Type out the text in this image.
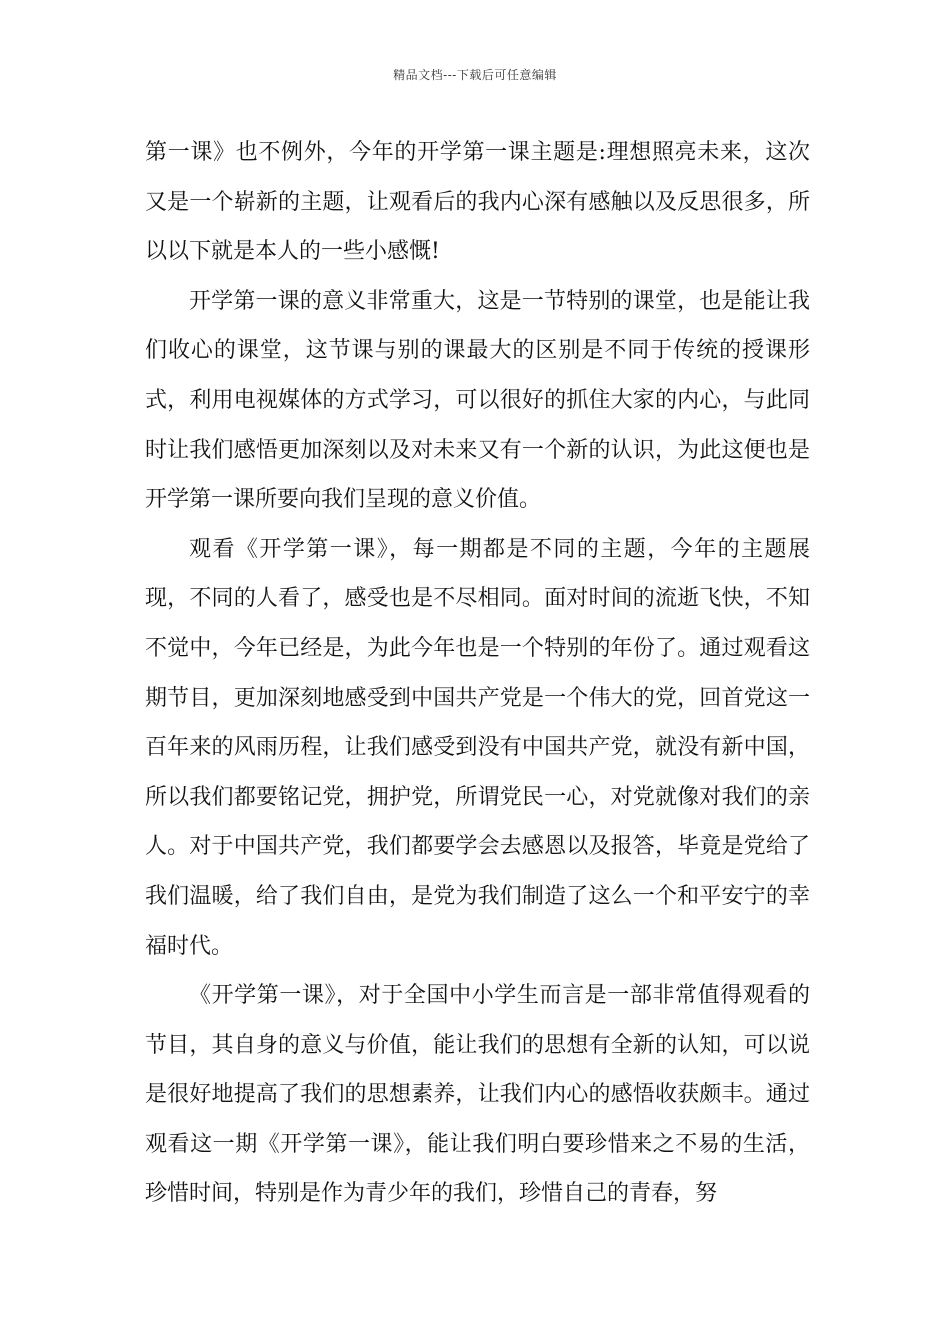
精品文档---下载后可任意编辑

第一课》也不例外，今年的开学第一课主题是:理想照亮未来，这次又是一个崭新的主题，让观看后的我内心深有感触以及反思很多，所以以下就是本人的一些小感慨!

开学第一课的意义非常重大，这是一节特别的课堂，也是能让我们收心的课堂，这节课与别的课最大的区别是不同于传统的授课形式，利用电视媒体的方式学习，可以很好的抓住大家的内心，与此同时让我们感悟更加深刻以及对未来又有一个新的认识，为此这便也是开学第一课所要向我们呈现的意义价值。

观看《开学第一课》，每一期都是不同的主题，今年的主题展现，不同的人看了，感受也是不尽相同。面对时间的流逝飞快，不知不觉中，今年已经是，为此今年也是一个特别的年份了。通过观看这期节目，更加深刻地感受到中国共产党是一个伟大的党，回首党这一百年来的风雨历程，让我们感受到没有中国共产党，就没有新中国，所以我们都要铭记党，拥护党，所谓党民一心，对党就像对我们的亲人。对于中国共产党，我们都要学会去感恩以及报答，毕竟是党给了我们温暖，给了我们自由，是党为我们制造了这么一个和平安宁的幸福时代。

《开学第一课》，对于全国中小学生而言是一部非常值得观看的节目，其自身的意义与价值，能让我们的思想有全新的认知，可以说是很好地提高了我们的思想素养，让我们内心的感悟收获颇丰。通过观看这一期《开学第一课》，能让我们明白要珍惜来之不易的生活，珍惜时间，特别是作为青少年的我们，珍惜自己的青春，努
